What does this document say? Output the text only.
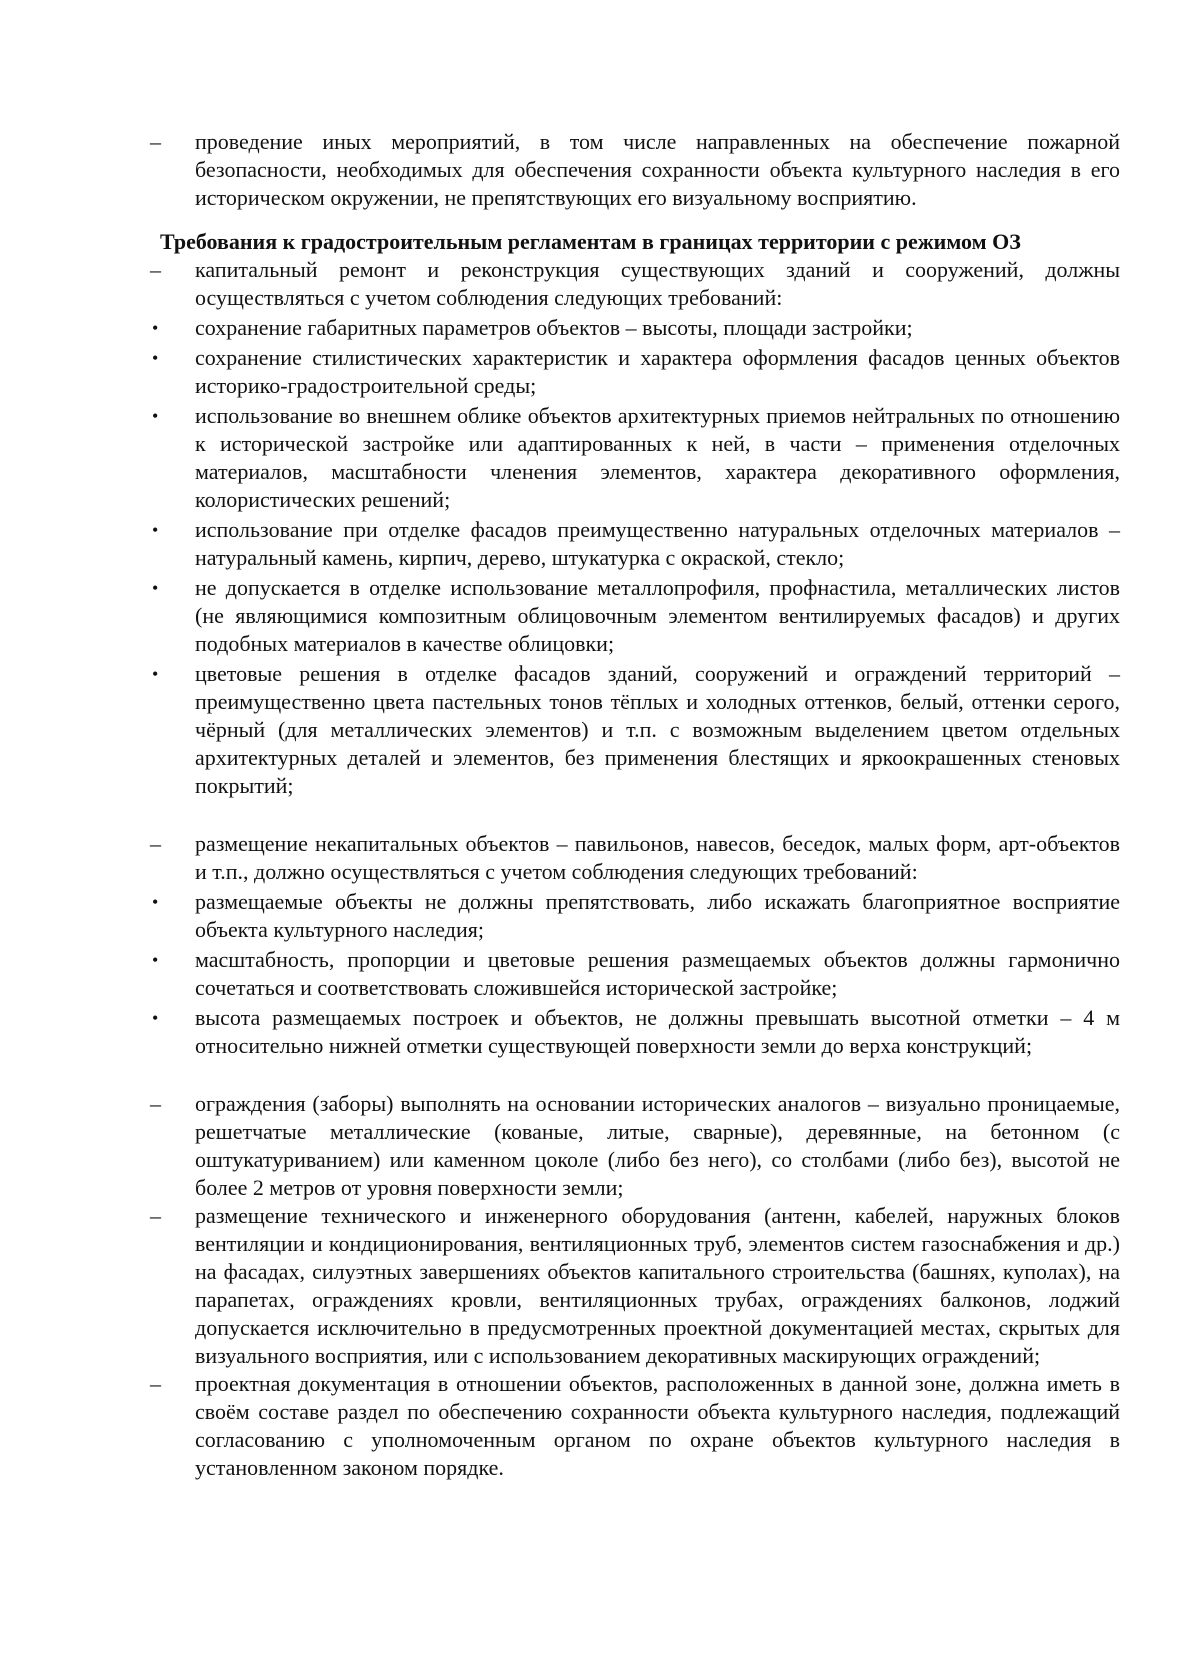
–	проведение иных мероприятий, в том числе направленных на обеспечение пожарной безопасности, необходимых для обеспечения сохранности объекта культурного наследия в его историческом окружении, не препятствующих его визуальному восприятию.
Требования к градостроительным регламентам в границах территории с режимом ОЗ
–	капитальный ремонт и реконструкция существующих зданий и сооружений, должны осуществляться с учетом соблюдения следующих требований:
•	сохранение габаритных параметров объектов – высоты, площади застройки;
•	сохранение стилистических характеристик и характера оформления фасадов ценных объектов историко-градостроительной среды;
•	использование во внешнем облике объектов архитектурных приемов нейтральных по отношению к исторической застройке или адаптированных к ней, в части – применения отделочных материалов, масштабности членения элементов, характера декоративного оформления, колористических решений;
•	использование при отделке фасадов преимущественно натуральных отделочных материалов – натуральный камень, кирпич, дерево, штукатурка с окраской, стекло;
•	не допускается в отделке использование металлопрофиля, профнастила, металлических листов (не являющимися композитным облицовочным элементом вентилируемых фасадов) и других подобных материалов в качестве облицовки;
•	цветовые решения в отделке фасадов зданий, сооружений и ограждений территорий – преимущественно цвета пастельных тонов тёплых и холодных оттенков, белый, оттенки серого, чёрный (для металлических элементов) и т.п. с возможным выделением цветом отдельных архитектурных деталей и элементов, без применения блестящих и яркоокрашенных стеновых покрытий;
–	размещение некапитальных объектов – павильонов, навесов, беседок, малых форм, арт-объектов и т.п., должно осуществляться с учетом соблюдения следующих требований:
•	размещаемые объекты не должны препятствовать, либо искажать благоприятное восприятие объекта культурного наследия;
•	масштабность, пропорции и цветовые решения размещаемых объектов должны гармонично сочетаться и соответствовать сложившейся исторической застройке;
•	высота размещаемых построек и объектов, не должны превышать высотной отметки – 4 м относительно нижней отметки существующей поверхности земли до верха конструкций;
–	ограждения (заборы) выполнять на основании исторических аналогов – визуально проницаемые, решетчатые металлические (кованые, литые, сварные), деревянные, на бетонном (с оштукатуриванием) или каменном цоколе (либо без него), со столбами (либо без), высотой не более 2 метров от уровня поверхности земли;
–	размещение технического и инженерного оборудования (антенн, кабелей, наружных блоков вентиляции и кондиционирования, вентиляционных труб, элементов систем газоснабжения и др.) на фасадах, силуэтных завершениях объектов капитального строительства (башнях, куполах), на парапетах, ограждениях кровли, вентиляционных трубах, ограждениях балконов, лоджий допускается исключительно в предусмотренных проектной документацией местах, скрытых для визуального восприятия, или с использованием декоративных маскирующих ограждений;
–	проектная документация в отношении объектов, расположенных в данной зоне, должна иметь в своём составе раздел по обеспечению сохранности объекта культурного наследия, подлежащий согласованию с уполномоченным органом по охране объектов культурного наследия в установленном законом порядке.
